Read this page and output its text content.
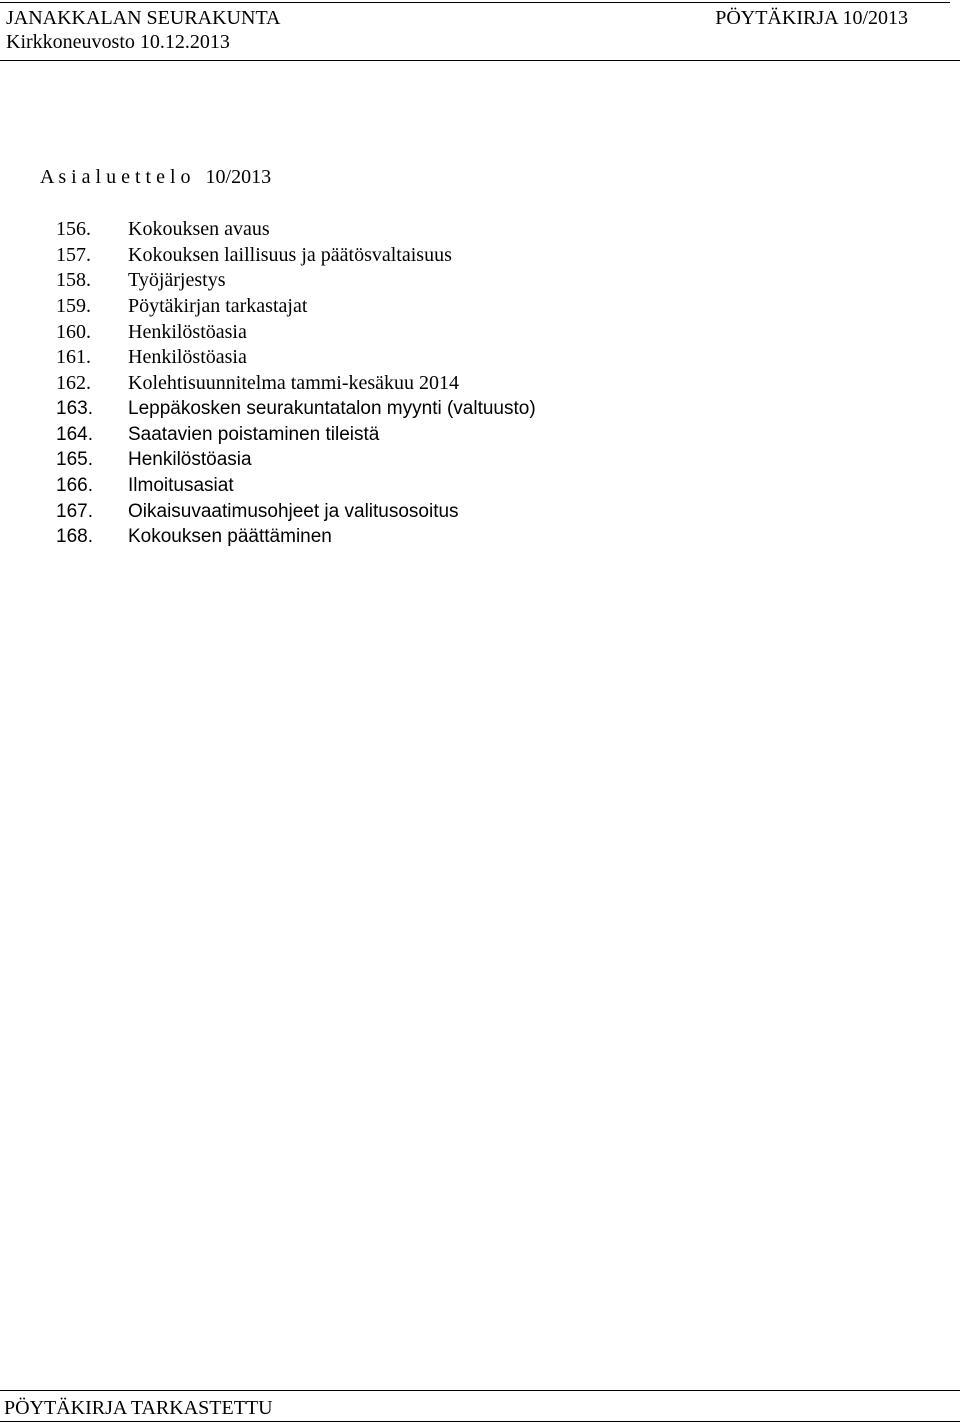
JANAKKALAN SEURAKUNTA
Kirkkoneuvosto 10.12.2013
PÖYTÄKIRJA 10/2013
A s i a l u e t t e l o   10/2013
156.	Kokouksen avaus
157.	Kokouksen laillisuus ja päätösvaltaisuus
158.	Työjärjestys
159.	Pöytäkirjan tarkastajat
160.	Henkilöstöasia
161.	Henkilöstöasia
162.	Kolehtisuunnitelma tammi-kesäkuu 2014
163.	Leppäkosken seurakuntatalon myynti (valtuusto)
164.	Saatavien poistaminen tileistä
165.	Henkilöstöasia
166.	Ilmoitusasiat
167.	Oikaisuvaatimusohjeet ja valitusosoitus
168.	Kokouksen päättäminen
PÖYTÄKIRJA TARKASTETTU
